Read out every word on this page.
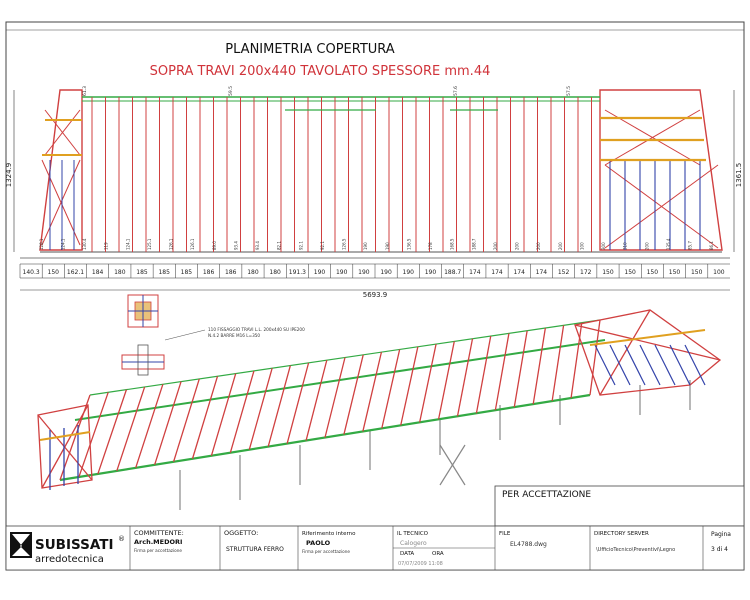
PLANIMETRIA COPERTURA
SOPRA TRAVI 200x440 TAVOLATO SPESSORE mm.44
140.3 150 162.1 184 180 185 185 185 186 186 180 180 191.3 190 190 190 190 190 190 188.7 174 174 174 174 152 172 150 150 150 150 150 100
5693.9
1324.9	1361.5
61.3	59.5	57.6	57.5
128.1	124.1	130.4	119	124.1	125.1	126.1	126.1	89.0	93.4	93.4	82.1	92.1	92.1	126.5	190	190	136.5	178	168.5	188.7	200	200	200	200	100	300	310	200	135.4	85.7	86.1
110 FISSAGGIO TRAVI L.L. 200x440 SU IPE200
N.4.2 BARRE M16 L=350
PER ACCETTAZIONE
SUBISSATI ®
arredotecnica
COMMITTENTE:
Arch.MEDORI
Firma per accettazione
OGGETTO:
STRUTTURA FERRO
Riferimento interno
PAOLO
Firma per accettazione
IL TECNICO
Calogero
DATA	ORA
07/07/2009 11:08
FILE
EL4788.dwg
DIRECTORY SERVER
\UfficioTecnico\Preventivi\Legno
Pagina
3 di 4
